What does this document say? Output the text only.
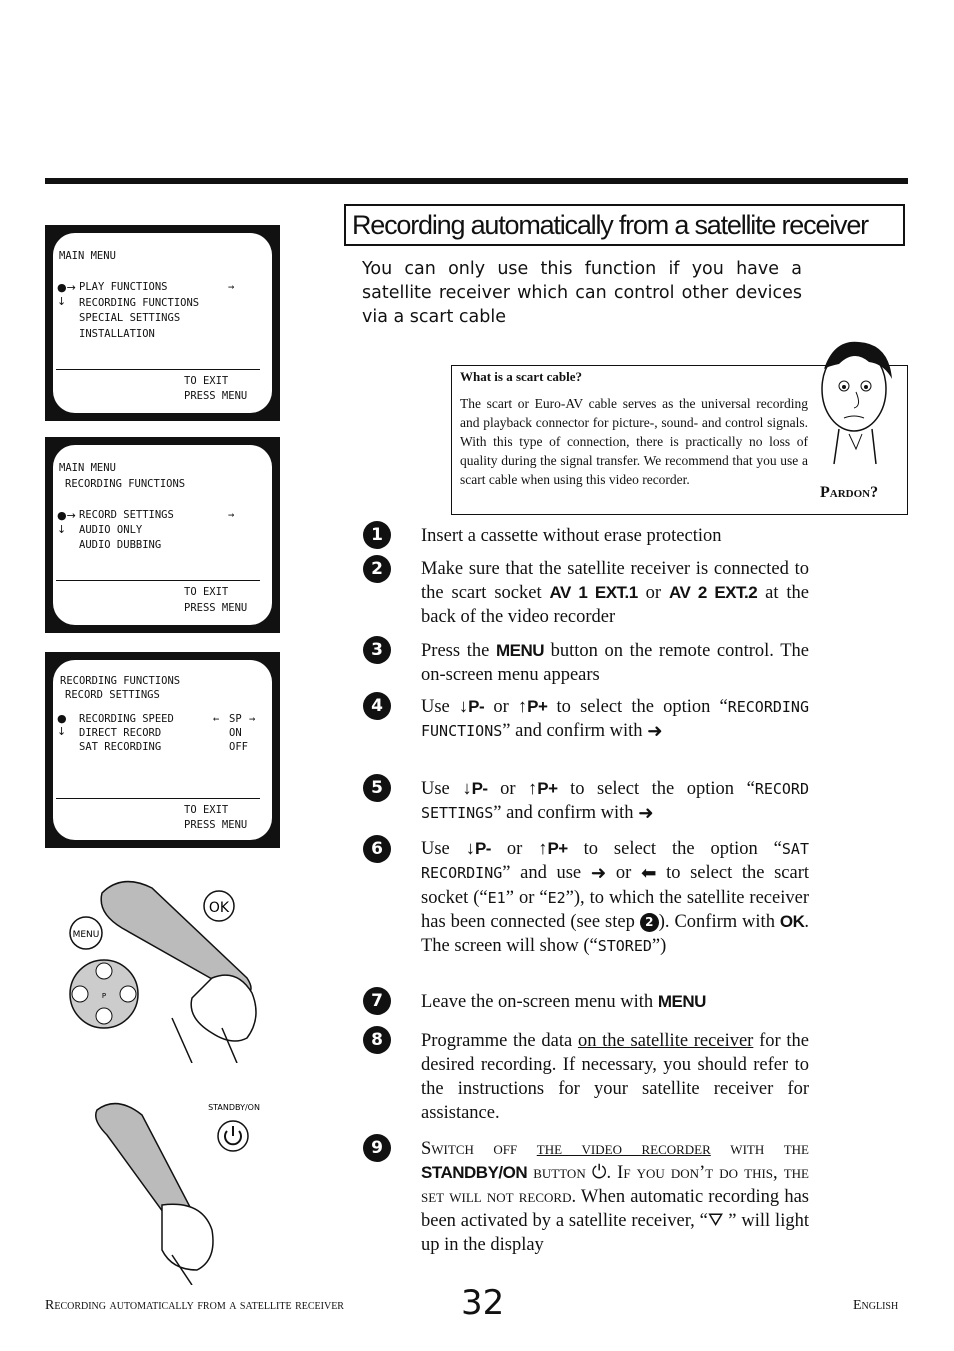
MAIN MENU
●→
↓
PLAY FUNCTIONS	→
RECORDING FUNCTIONS
SPECIAL SETTINGS
INSTALLATION
TO EXIT
PRESS MENU
MAIN MENU
RECORDING FUNCTIONS
●→
↓
RECORD SETTINGS	→
AUDIO ONLY
AUDIO DUBBING
TO EXIT
PRESS MENU
RECORDING FUNCTIONS
RECORD SETTINGS
●
↓
RECORDING SPEED
DIRECT RECORD
SAT RECORDING
← SP →
ON
OFF
TO EXIT
PRESS MENU
MENU
OK
P
STANDBY/ON
Recording automatically from a satellite receiver
You can only use this function if you have a satellite receiver which can control other devices via a scart cable
What is a scart cable?
The scart or Euro-AV cable serves as the universal recording and playback connector for picture-, sound- and control signals. With this type of connection, there is practically no loss of quality during the signal transfer. We recommend that you use a scart cable when using this video recorder.
Pardon?
1
2
3
4
5
6
7
8
9
Insert a cassette without erase protection
Make sure that the satellite receiver is connected to the scart socket AV 1 EXT.1 or AV 2 EXT.2 at the back of the video recorder
Press the MENU button on the remote control. The on-screen menu appears
Use ↓P- or ↑P+ to select the option “RECORDING FUNCTIONS” and confirm with ➜
Use ↓P- or ↑P+ to select the option “RECORD SETTINGS” and confirm with ➜
Use ↓P- or ↑P+ to select the option “SAT RECORDING” and use ➜ or ⬅ to select the scart socket (“E1” or “E2”), to which the satellite receiver has been connected (see step 2 ). Confirm with OK. The screen will show (“STORED”)
Leave the on-screen menu with MENU
Programme the data on the satellite receiver for the desired recording. If necessary, you should refer to the instructions for your satellite receiver for assistance.
Switch off the video recorder with the STANDBY/ON button ⏻. If you don’t do this, the set will not record. When automatic recording has been activated by a satellite receiver, “⛛ ” will light up in the display
Recording automatically from a satellite receiver	32	English
